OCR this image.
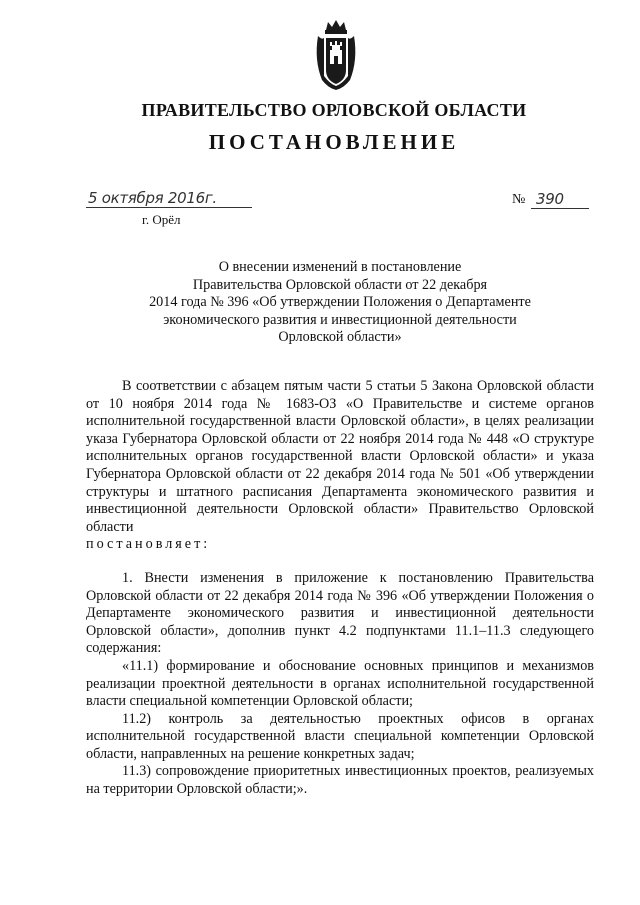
ПРАВИТЕЛЬСТВО ОРЛОВСКОЙ ОБЛАСТИ
ПОСТАНОВЛЕНИЕ
5 октября 2016г.	№ 390
г. Орёл
О внесении изменений в постановление
Правительства Орловской области от 22 декабря
2014 года № 396 «Об утверждении Положения о Департаменте
экономического развития и инвестиционной деятельности
Орловской области»

В соответствии с абзацем пятым части 5 статьи 5 Закона Орловской области от 10 ноября 2014 года № 1683-ОЗ «О Правительстве и системе органов исполнительной государственной власти Орловской области», в целях реализации указа Губернатора Орловской области от 22 ноября 2014 года № 448 «О структуре исполнительных органов государственной власти Орловской области» и указа Губернатора Орловской области от 22 декабря 2014 года № 501 «Об утверждении структуры и штатного расписания Департамента экономического развития и инвестиционной деятельности Орловской области» Правительство Орловской области

постановляет:

1. Внести изменения в приложение к постановлению Правительства Орловской области от 22 декабря 2014 года № 396 «Об утверждении Положения о Департаменте экономического развития и инвестиционной деятельности Орловской области», дополнив пункт 4.2 подпунктами 11.1–11.3 следующего содержания:

«11.1) формирование и обоснование основных принципов и механизмов реализации проектной деятельности в органах исполнительной государственной власти специальной компетенции Орловской области;

11.2) контроль за деятельностью проектных офисов в органах исполнительной государственной власти специальной компетенции Орловской области, направленных на решение конкретных задач;

11.3) сопровождение приоритетных инвестиционных проектов, реализуемых на территории Орловской области;».
